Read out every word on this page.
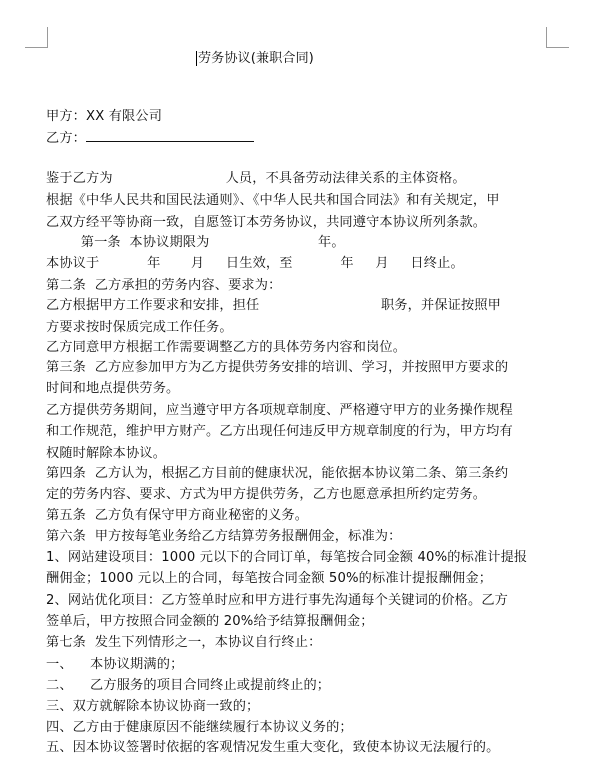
劳务协议(兼职合同)
甲方：XX 有限公司
乙方：
鉴于乙方为                          人员，不具备劳动法律关系的主体资格。
根据《中华人民共和国民法通则》、《中华人民共和国合同法》和有关规定，甲
乙双方经平等协商一致，自愿签订本劳务协议，共同遵守本协议所列条款。
第一条  本协议期限为                         年。
本协议于           年       月     日生效，至           年     月     日终止。
第二条  乙方承担的劳务内容、要求为：
乙方根据甲方工作要求和安排，担任                            职务，并保证按照甲
方要求按时保质完成工作任务。
乙方同意甲方根据工作需要调整乙方的具体劳务内容和岗位。
第三条  乙方应参加甲方为乙方提供劳务安排的培训、学习，并按照甲方要求的
时间和地点提供劳务。
乙方提供劳务期间，应当遵守甲方各项规章制度、严格遵守甲方的业务操作规程
和工作规范，维护甲方财产。乙方出现任何违反甲方规章制度的行为，甲方均有
权随时解除本协议。
第四条  乙方认为，根据乙方目前的健康状况，能依据本协议第二条、第三条约
定的劳务内容、要求、方式为甲方提供劳务，乙方也愿意承担所约定劳务。
第五条  乙方负有保守甲方商业秘密的义务。
第六条  甲方按每笔业务给乙方结算劳务报酬佣金，标准为：
1、网站建设项目：1000 元以下的合同订单，每笔按合同金额 40%的标准计提报
酬佣金；1000 元以上的合同，每笔按合同金额 50%的标准计提报酬佣金；
2、网站优化项目：乙方签单时应和甲方进行事先沟通每个关键词的价格。乙方
签单后，甲方按照合同金额的 20%给予结算报酬佣金；
第七条  发生下列情形之一，本协议自行终止：
一、    本协议期满的；
二、    乙方服务的项目合同终止或提前终止的；
三、双方就解除本协议协商一致的；
四、乙方由于健康原因不能继续履行本协议义务的；
五、因本协议签署时依据的客观情况发生重大变化，致使本协议无法履行的。
